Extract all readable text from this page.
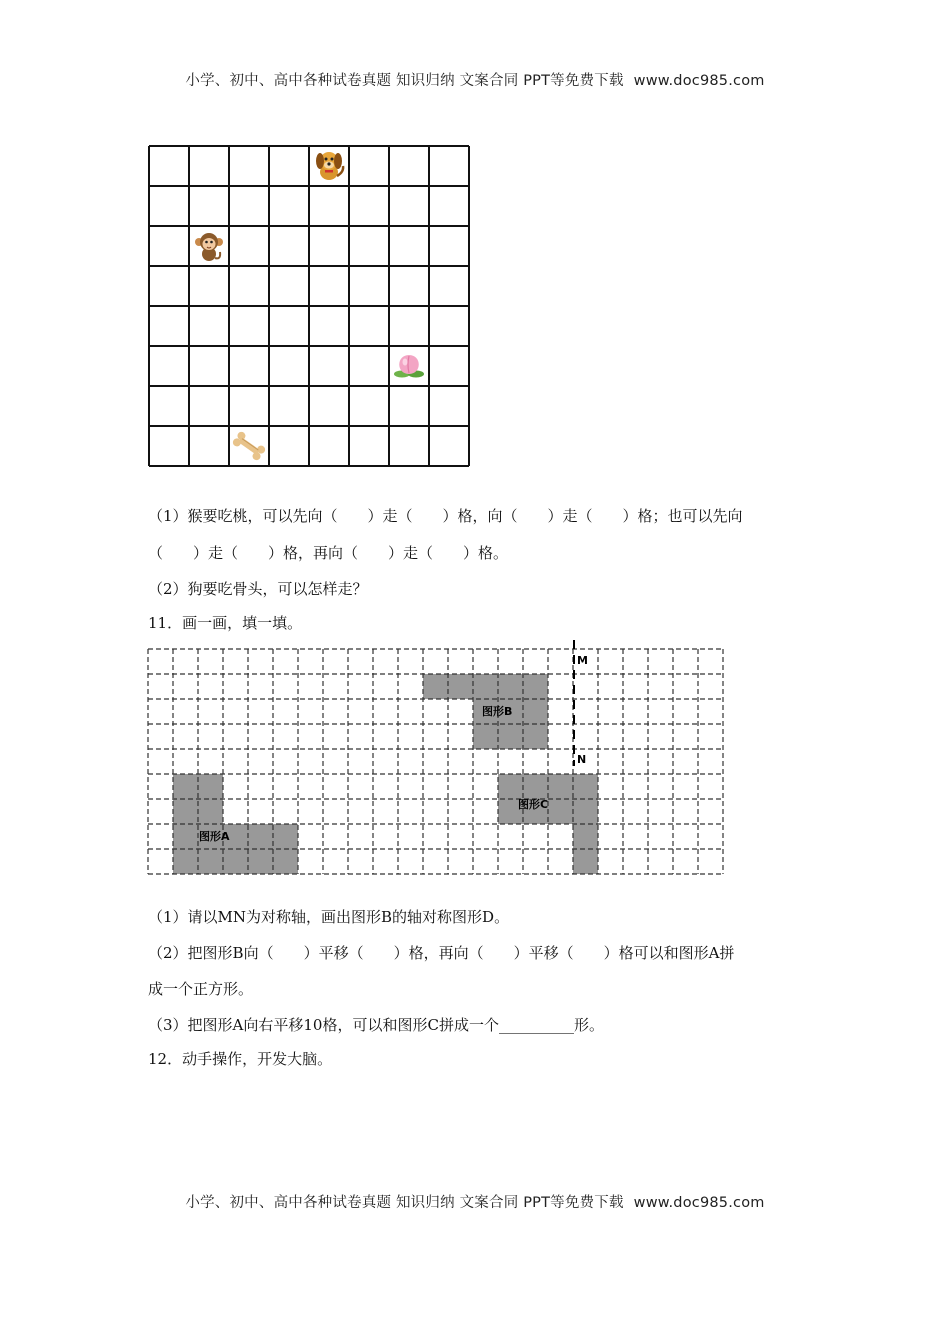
小学、初中、高中各种试卷真题 知识归纳 文案合同 PPT等免费下载 www.doc985.com
（1）猴要吃桃，可以先向（　　）走（　　）格，向（　　）走（　　）格；也可以先向
（　　）走（　　）格，再向（　　）走（　　）格。
（2）狗要吃骨头，可以怎样走？
11．画一画，填一填。
M
N
图形B
图形A
图形C
（1）请以MN为对称轴，画出图形B的轴对称图形D。
（2）把图形B向（　　）平移（　　）格，再向（　　）平移（　　）格可以和图形A拼
成一个正方形。
（3）把图形A向右平移10格，可以和图形C拼成一个__________形。
12．动手操作，开发大脑。
小学、初中、高中各种试卷真题 知识归纳 文案合同 PPT等免费下载 www.doc985.com
